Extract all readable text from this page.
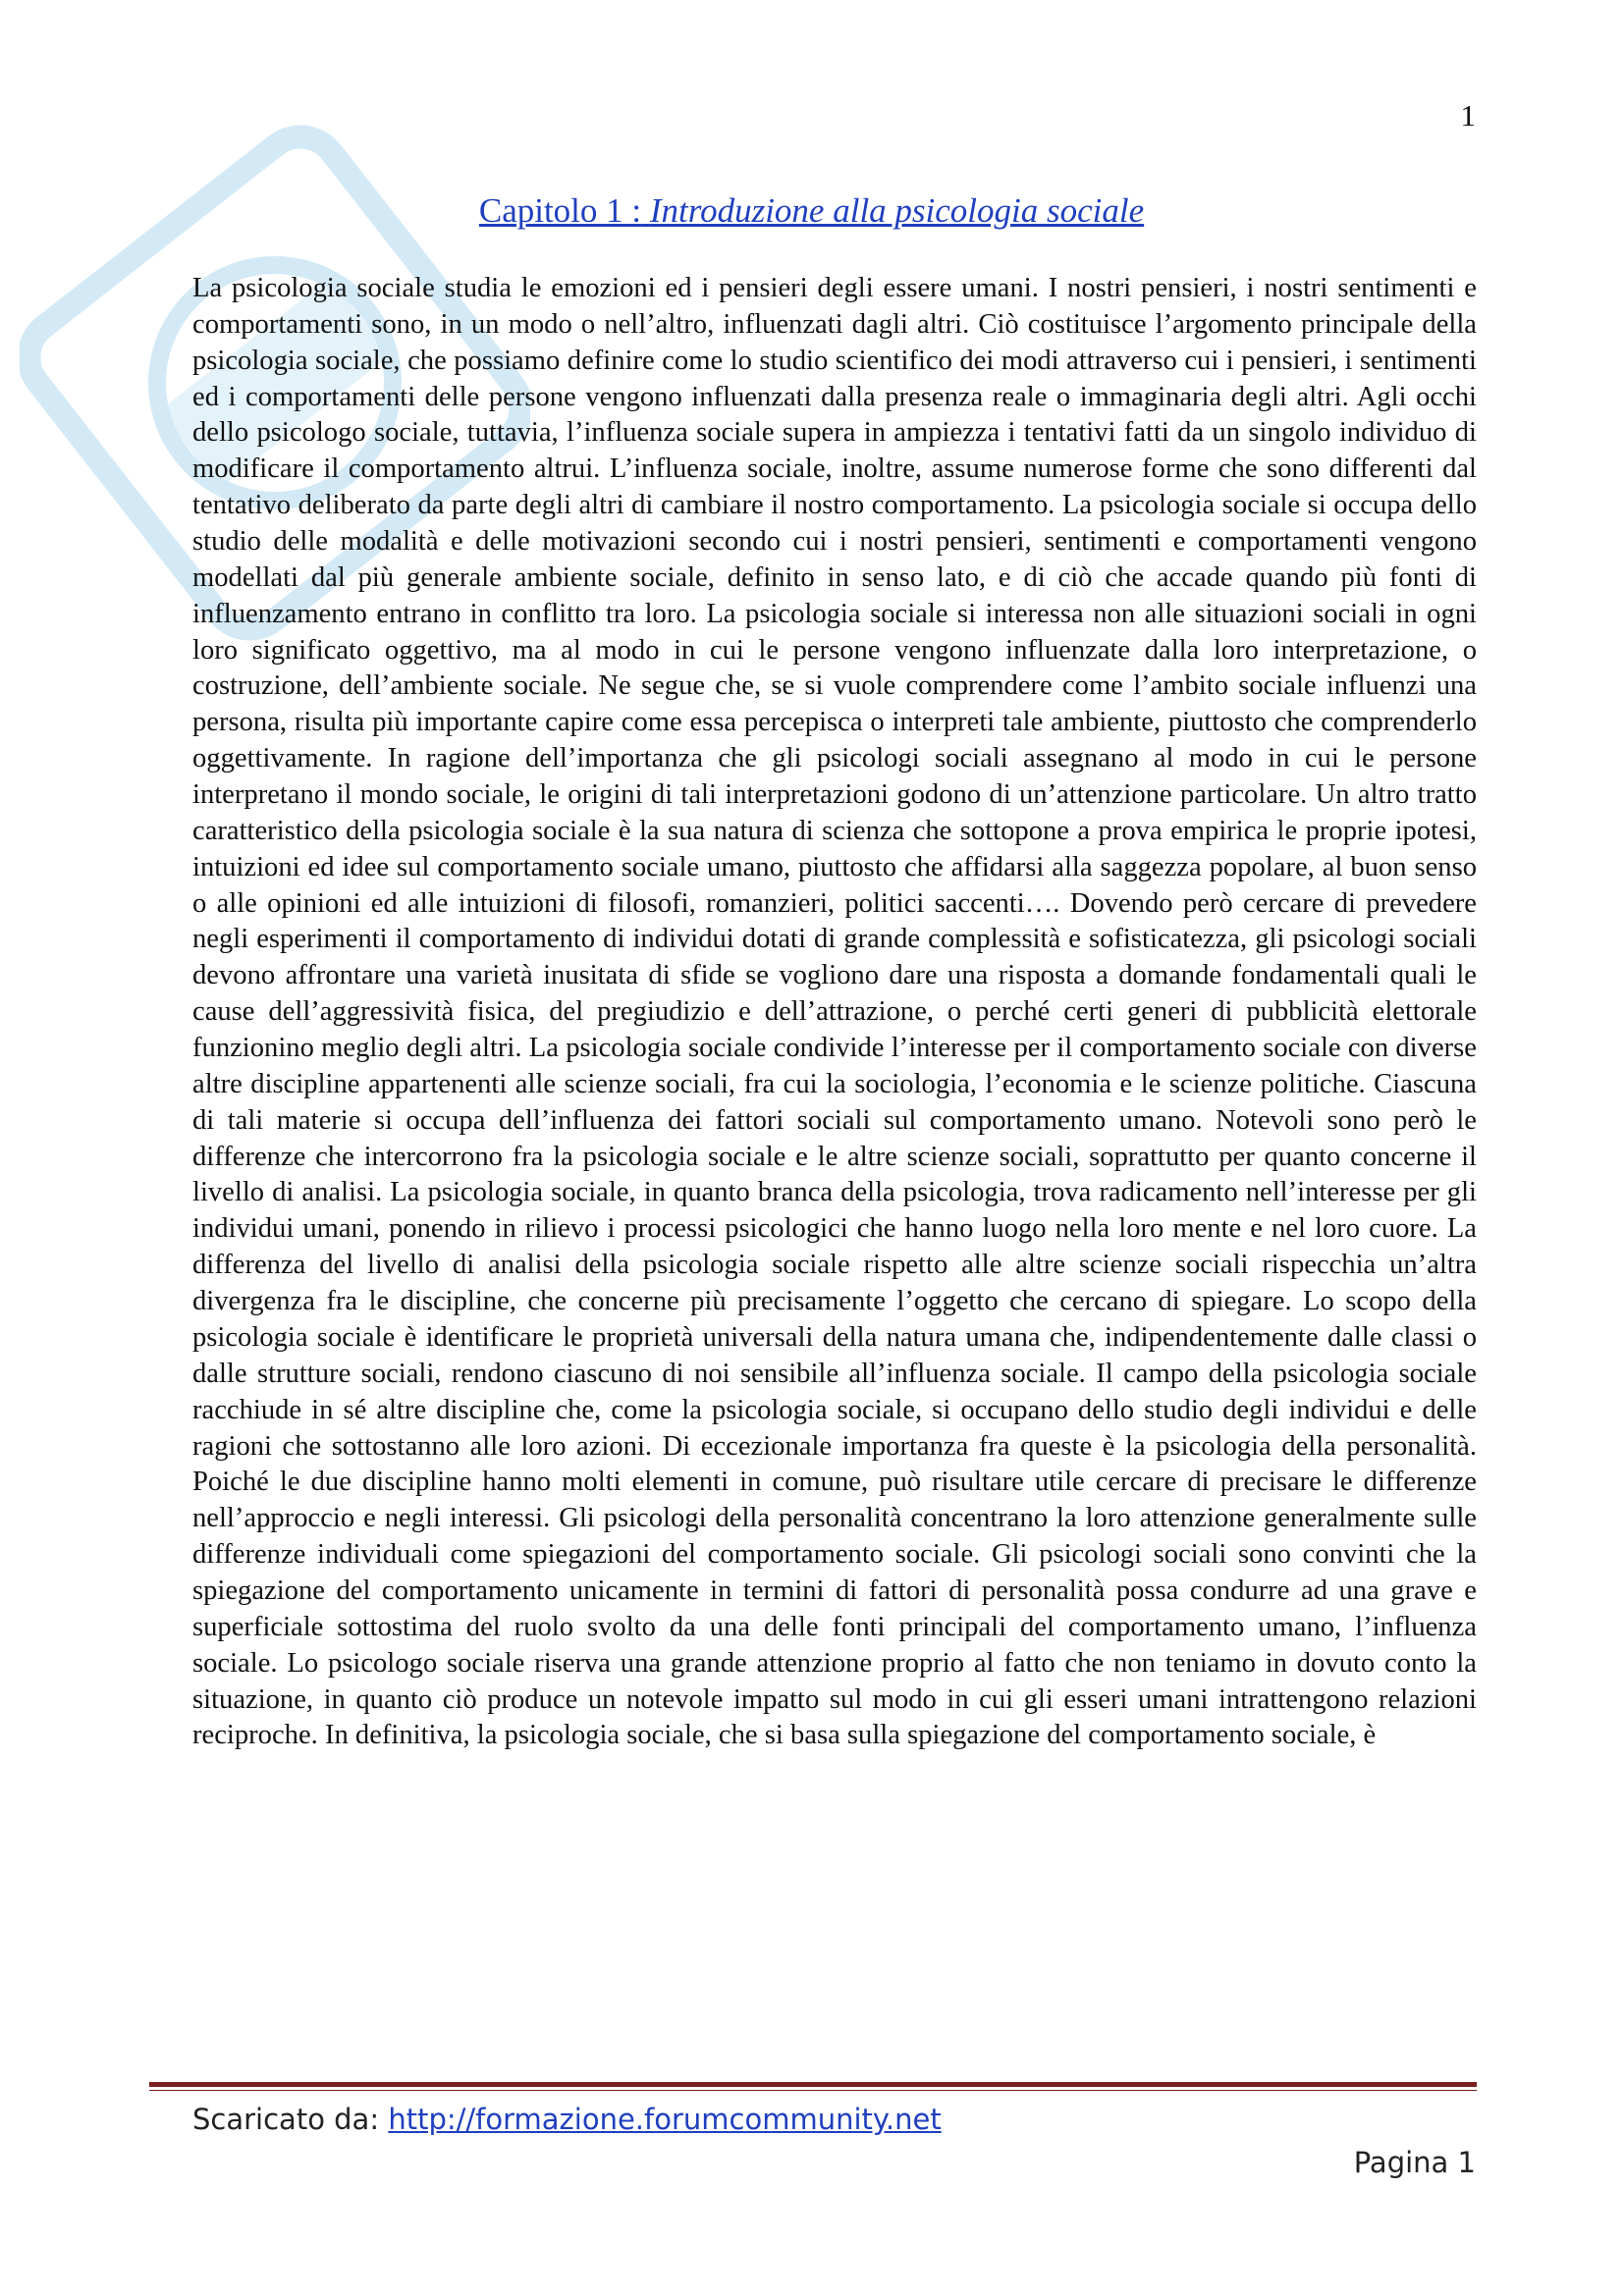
1
Capitolo 1 : Introduzione alla psicologia sociale

La psicologia sociale studia le emozioni ed i pensieri degli essere umani. I nostri pensieri, i nostri sentimenti e comportamenti sono, in un modo o nell’altro, influenzati dagli altri. Ciò costituisce l’argomento principale della psicologia sociale, che possiamo definire come lo studio scientifico dei modi attraverso cui i pensieri, i sentimenti ed i comportamenti delle persone vengono influenzati dalla presenza reale o immaginaria degli altri. Agli occhi dello psicologo sociale, tuttavia, l’influenza sociale supera in ampiezza i tentativi fatti da un singolo individuo di modificare il comportamento altrui. L’influenza sociale, inoltre, assume numerose forme che sono differenti dal tentativo deliberato da parte degli altri di cambiare il nostro comportamento. La psicologia sociale si occupa dello studio delle modalità e delle motivazioni secondo cui i nostri pensieri, sentimenti e comportamenti vengono modellati dal più generale ambiente sociale, definito in senso lato, e di ciò che accade quando più fonti di influenzamento entrano in conflitto tra loro. La psicologia sociale si interessa non alle situazioni sociali in ogni loro significato oggettivo, ma al modo in cui le persone vengono influenzate dalla loro interpretazione, o costruzione, dell’ambiente sociale. Ne segue che, se si vuole comprendere come l’ambito sociale influenzi una persona, risulta più importante capire come essa percepisca o interpreti tale ambiente, piuttosto che comprenderlo oggettivamente. In ragione dell’importanza che gli psicologi sociali assegnano al modo in cui le persone interpretano il mondo sociale, le origini di tali interpretazioni godono di un’attenzione particolare. Un altro tratto caratteristico della psicologia sociale è la sua natura di scienza che sottopone a prova empirica le proprie ipotesi, intuizioni ed idee sul comportamento sociale umano, piuttosto che affidarsi alla saggezza popolare, al buon senso o alle opinioni ed alle intuizioni di filosofi, romanzieri, politici saccenti…. Dovendo però cercare di prevedere negli esperimenti il comportamento di individui dotati di grande complessità e sofisticatezza, gli psicologi sociali devono affrontare una varietà inusitata di sfide se vogliono dare una risposta a domande fondamentali quali le cause dell’aggressività fisica, del pregiudizio e dell’attrazione, o perché certi generi di pubblicità elettorale funzionino meglio degli altri. La psicologia sociale condivide l’interesse per il comportamento sociale con diverse altre discipline appartenenti alle scienze sociali, fra cui la sociologia, l’economia e le scienze politiche. Ciascuna di tali materie si occupa dell’influenza dei fattori sociali sul comportamento umano. Notevoli sono però le differenze che intercorrono fra la psicologia sociale e le altre scienze sociali, soprattutto per quanto concerne il livello di analisi. La psicologia sociale, in quanto branca della psicologia, trova radicamento nell’interesse per gli individui umani, ponendo in rilievo i processi psicologici che hanno luogo nella loro mente e nel loro cuore. La differenza del livello di analisi della psicologia sociale rispetto alle altre scienze sociali rispecchia un’altra divergenza fra le discipline, che concerne più precisamente l’oggetto che cercano di spiegare. Lo scopo della psicologia sociale è identificare le proprietà universali della natura umana che, indipendentemente dalle classi o dalle strutture sociali, rendono ciascuno di noi sensibile all’influenza sociale. Il campo della psicologia sociale racchiude in sé altre discipline che, come la psicologia sociale, si occupano dello studio degli individui e delle ragioni che sottostanno alle loro azioni. Di eccezionale importanza fra queste è la psicologia della personalità. Poiché le due discipline hanno molti elementi in comune, può risultare utile cercare di precisare le differenze nell’approccio e negli interessi. Gli psicologi della personalità concentrano la loro attenzione generalmente sulle differenze individuali come spiegazioni del comportamento sociale. Gli psicologi sociali sono convinti che la spiegazione del comportamento unicamente in termini di fattori di personalità possa condurre ad una grave e superficiale sottostima del ruolo svolto da una delle fonti principali del comportamento umano, l’influenza sociale. Lo psicologo sociale riserva una grande attenzione proprio al fatto che non teniamo in dovuto conto la situazione, in quanto ciò produce un notevole impatto sul modo in cui gli esseri umani intrattengono relazioni reciproche. In definitiva, la psicologia sociale, che si basa sulla spiegazione del comportamento sociale, è

Scaricato da: http://formazione.forumcommunity.net
Pagina 1
